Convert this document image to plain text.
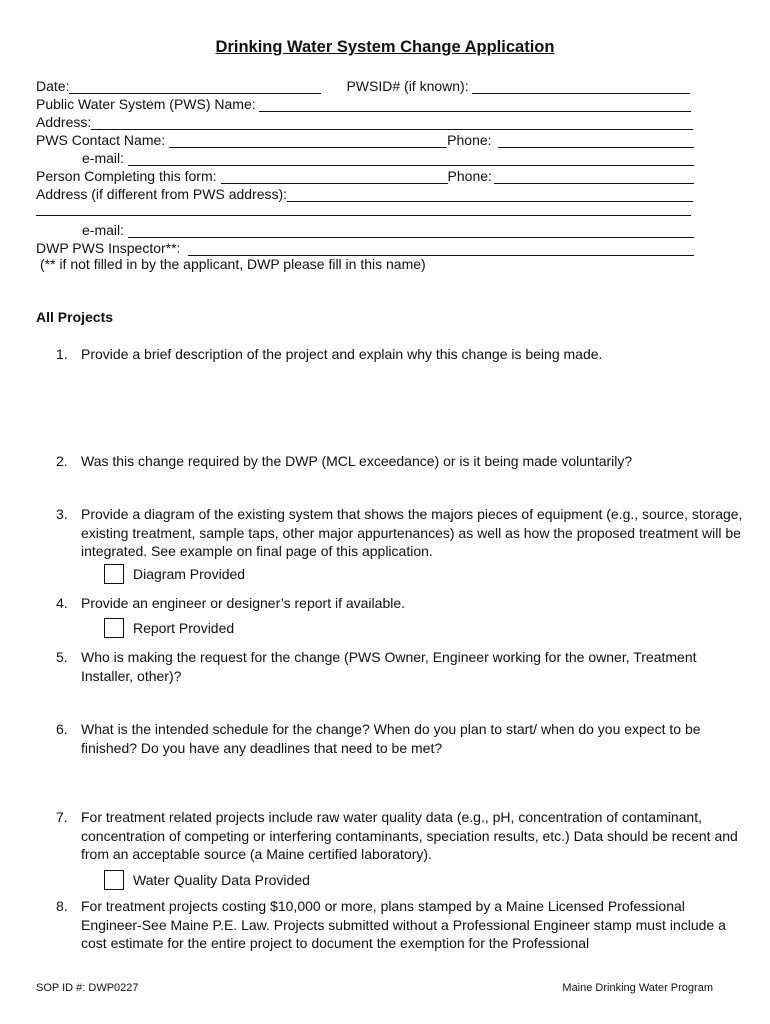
Drinking Water System Change Application
Date:	PWSID# (if known):
Public Water System (PWS) Name:
Address:
PWS Contact Name:	Phone:
e-mail:
Person Completing this form:	Phone:
Address (if different from PWS address):
e-mail:
DWP PWS Inspector**:
(** if not filled in by the applicant, DWP please fill in this name)
All Projects
1. Provide a brief description of the project and explain why this change is being made.
2. Was this change required by the DWP (MCL exceedance) or is it being made voluntarily?
3. Provide a diagram of the existing system that shows the majors pieces of equipment (e.g., source, storage, existing treatment, sample taps, other major appurtenances) as well as how the proposed treatment will be integrated. See example on final page of this application.
Diagram Provided
4. Provide an engineer or designer’s report if available.
Report Provided
5. Who is making the request for the change (PWS Owner, Engineer working for the owner, Treatment Installer, other)?
6. What is the intended schedule for the change? When do you plan to start/ when do you expect to be finished? Do you have any deadlines that need to be met?
7. For treatment related projects include raw water quality data (e.g., pH, concentration of contaminant, concentration of competing or interfering contaminants, speciation results, etc.) Data should be recent and from an acceptable source (a Maine certified laboratory).
Water Quality Data Provided
8. For treatment projects costing $10,000 or more, plans stamped by a Maine Licensed Professional Engineer-See Maine P.E. Law. Projects submitted without a Professional Engineer stamp must include a cost estimate for the entire project to document the exemption for the Professional
SOP ID #: DWP0227	Maine Drinking Water Program
